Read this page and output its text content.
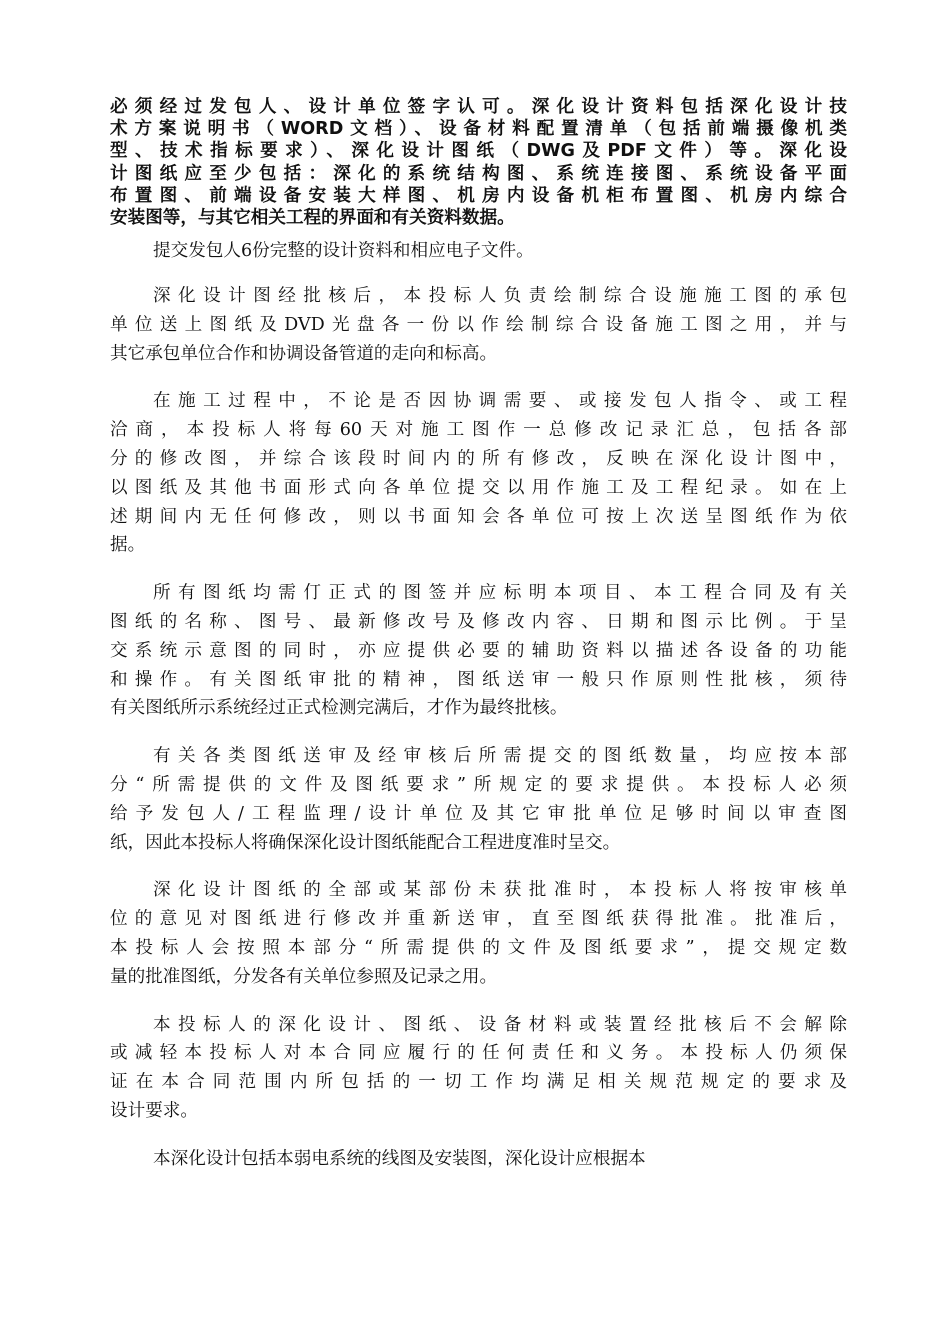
必须经过发包人、设计单位签字认可。深化设计资料包括深化设计技
术方案说明书（WORD文档）、设备材料配置清单（包括前端摄像机类
型、技术指标要求）、深化设计图纸（DWG及PDF文件）等。深化设
计图纸应至少包括：深化的系统结构图、系统连接图、系统设备平面
布置图、前端设备安装大样图、机房内设备机柜布置图、机房内综合
安装图等，与其它相关工程的界面和有关资料数据。
提交发包人6份完整的设计资料和相应电子文件。
深化设计图经批核后，本投标人负责绘制综合设施施工图的承包
单位送上图纸及DVD光盘各一份以作绘制综合设备施工图之用，并与
其它承包单位合作和协调设备管道的走向和标高。
在施工过程中，不论是否因协调需要、或接发包人指令、或工程
洽商，本投标人将每60天对施工图作一总修改记录汇总，包括各部
分的修改图，并综合该段时间内的所有修改，反映在深化设计图中，
以图纸及其他书面形式向各单位提交以用作施工及工程纪录。如在上
述期间内无任何修改，则以书面知会各单位可按上次送呈图纸作为依
据。
所有图纸均需仃正式的图签并应标明本项目、本工程合同及有关
图纸的名称、图号、最新修改号及修改内容、日期和图示比例。于呈
交系统示意图的同时，亦应提供必要的辅助资料以描述各设备的功能
和操作。有关图纸审批的精神，图纸送审一般只作原则性批核，须待
有关图纸所示系统经过正式检测完满后，才作为最终批核。
有关各类图纸送审及经审核后所需提交的图纸数量，均应按本部
分“所需提供的文件及图纸要求”所规定的要求提供。本投标人必须
给予发包人/工程监理/设计单位及其它审批单位足够时间以审查图
纸，因此本投标人将确保深化设计图纸能配合工程进度准时呈交。
深化设计图纸的全部或某部份未获批准时，本投标人将按审核单
位的意见对图纸进行修改并重新送审，直至图纸获得批准。批准后，
本投标人会按照本部分“所需提供的文件及图纸要求”，提交规定数
量的批准图纸，分发各有关单位参照及记录之用。
本投标人的深化设计、图纸、设备材料或装置经批核后不会解除
或减轻本投标人对本合同应履行的任何责任和义务。本投标人仍须保
证在本合同范围内所包括的一切工作均满足相关规范规定的要求及
设计要求。
本深化设计包括本弱电系统的线图及安装图，深化设计应根据本
